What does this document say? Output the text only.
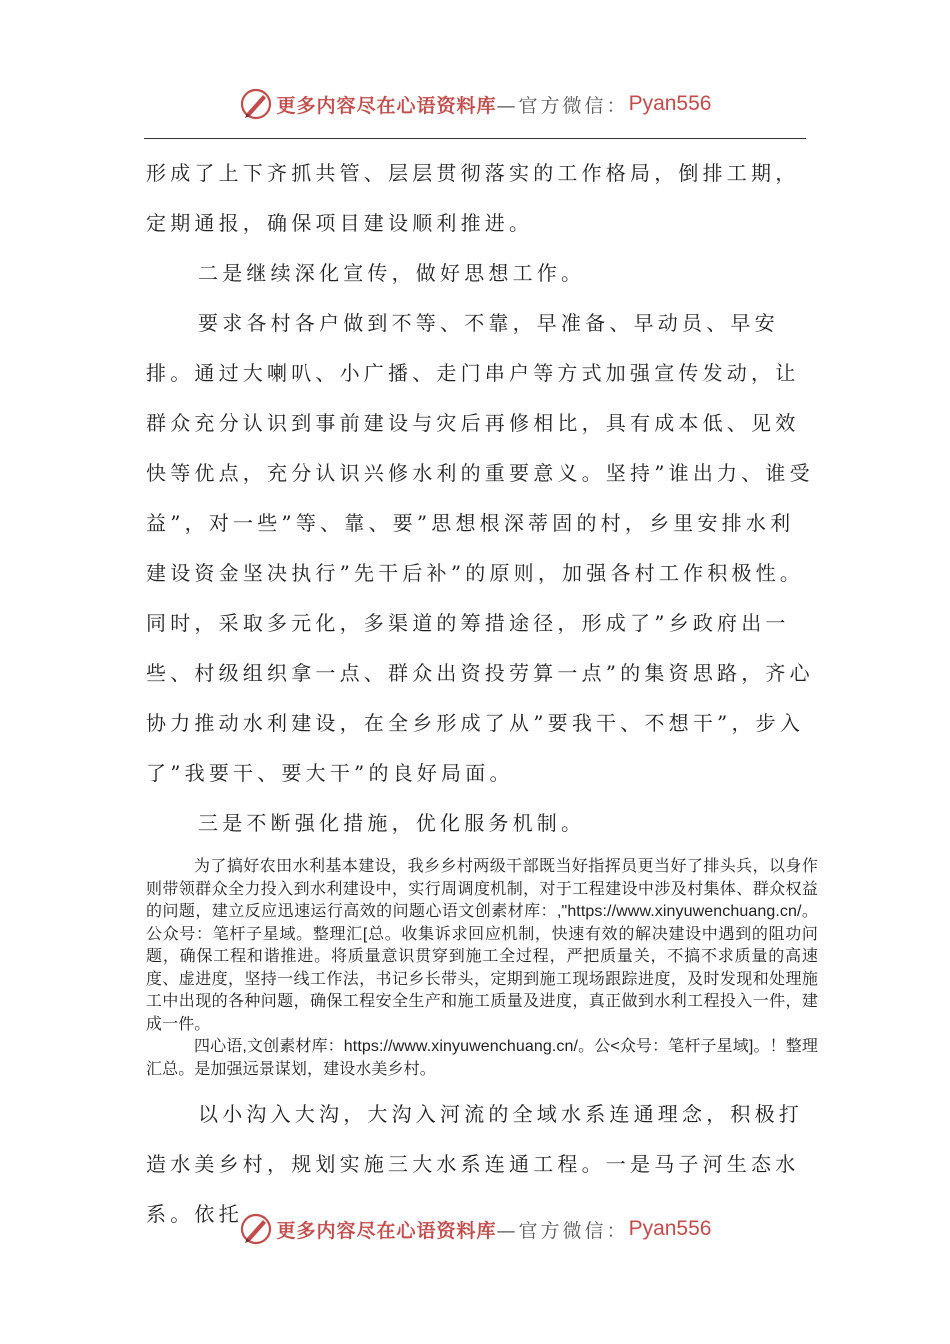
更多内容尽在心语资料库 —官方微信： Pyan556

形成了上下齐抓共管、层层贯彻落实的工作格局，倒排工期，定期通报，确保项目建设顺利推进。

二是继续深化宣传，做好思想工作。

要求各村各户做到不等、不靠，早准备、早动员、早安排。通过大喇叭、小广播、走门串户等方式加强宣传发动，让群众充分认识到事前建设与灾后再修相比，具有成本低、见效快等优点，充分认识兴修水利的重要意义。坚持”谁出力、谁受益”，对一些”等、靠、要”思想根深蒂固的村，乡里安排水利建设资金坚决执行”先干后补”的原则，加强各村工作积极性。同时，采取多元化，多渠道的筹措途径，形成了”乡政府出一些、村级组织拿一点、群众出资投劳算一点”的集资思路，齐心协力推动水利建设，在全乡形成了从”要我干、不想干”，步入了”我要干、要大干”的良好局面。

三是不断强化措施，优化服务机制。

为了搞好农田水利基本建设，我乡乡村两级干部既当好指挥员更当好了排头兵，以身作则带领群众全力投入到水利建设中，实行周调度机制，对于工程建设中涉及村集体、群众权益的问题，建立反应迅速运行高效的问题心语文创素材库：,"https://www.xinyuwenchuang.cn/。公众号：笔杆子星域。整理汇[总。收集诉求回应机制，快速有效的解决建设中遇到的阻功问题，确保工程和谐推进。将质量意识贯穿到施工全过程，严把质量关，不搞不求质量的高速度、虚进度，坚持一线工作法，书记乡长带头，定期到施工现场跟踪进度，及时发现和处理施工中出现的各种问题，确保工程安全生产和施工质量及进度，真正做到水利工程投入一件，建成一件。

四心语,文创素材库：https://www.xinyuwenchuang.cn/。公<众号：笔杆子星域]。！整理汇总。是加强远景谋划，建设水美乡村。

以小沟入大沟，大沟入河流的全域水系连通理念，积极打造水美乡村，规划实施三大水系连通工程。一是马子河生态水系。依托

更多内容尽在心语资料库 —官方微信： Pyan556
